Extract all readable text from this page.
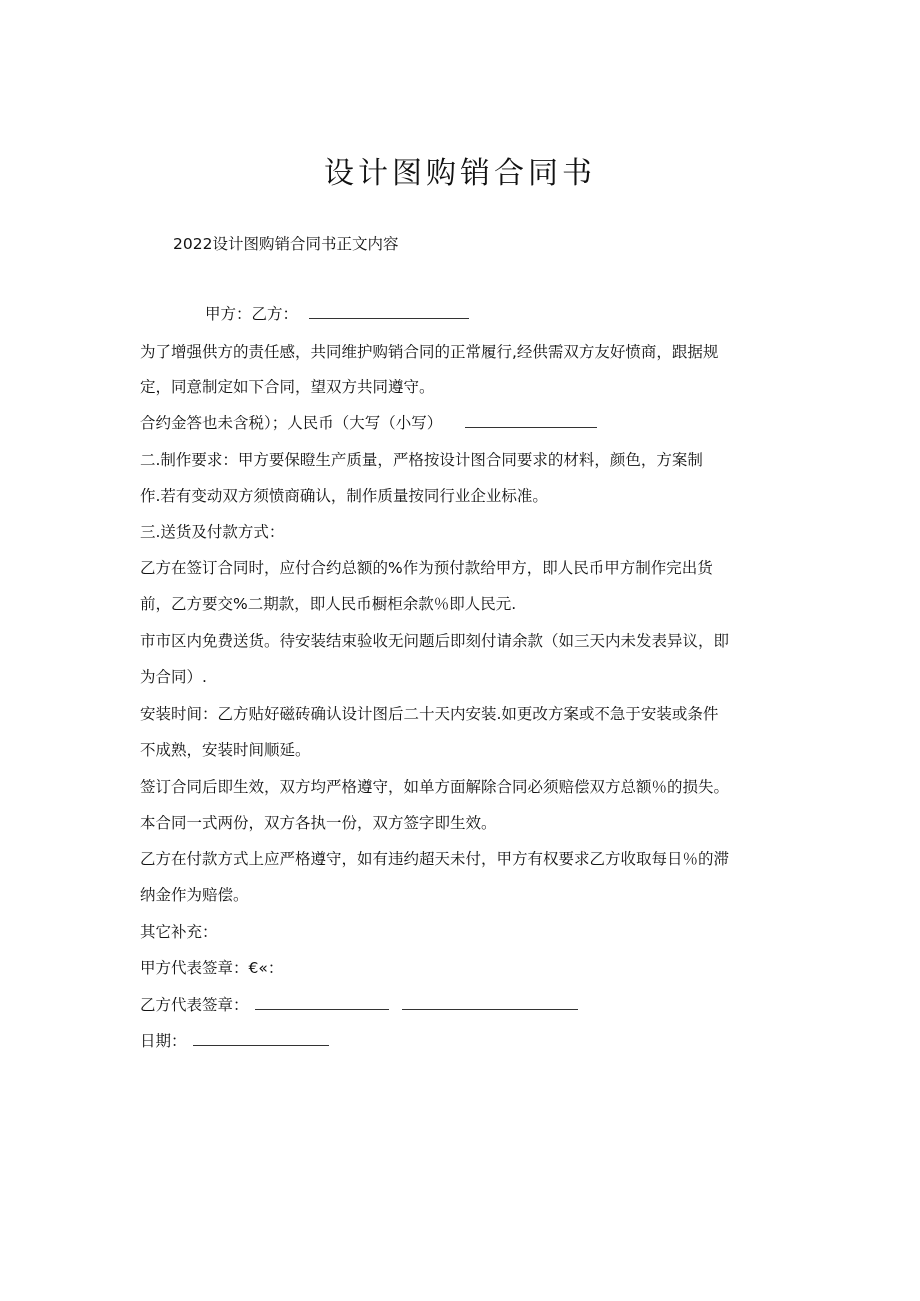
设计图购销合同书

2022设计图购销合同书正文内容

甲方：乙方：

为了增强供方的责任感，共同维护购销合同的正常履行,经供需双方友好愤商，跟据规

定，同意制定如下合同，望双方共同遵守。

合约金答也未含税）；人民币（大写（小写）

二.制作要求：甲方要保瞪生产质量，严格按设计图合同要求的材料，颜色，方案制

作.若有变动双方须愤商确认，制作质量按同行业企业标准。

三.送货及付款方式：

乙方在签订合同时，应付合约总额的%作为预付款给甲方，即人民币甲方制作完出货

前，乙方要交%二期款，即人民币橱柜余款％即人民元.

市市区内免费送货。待安装结束验收无问题后即刻付请余款（如三天内未发表异议，即

为合同）.

安装时间：乙方贴好磁砖确认设计图后二十天内安装.如更改方案或不急于安装或条件

不成熟，安装时间顺延。

签订合同后即生效，双方均严格遵守，如单方面解除合同必须赔偿双方总额％的损失。

本合同一式两份，双方各执一份，双方签字即生效。

乙方在付款方式上应严格遵守，如有违约超天未付，甲方有权要求乙方收取每日％的滞

纳金作为赔偿。

其它补充：

甲方代表签章：€«：

乙方代表签章：

日期：
